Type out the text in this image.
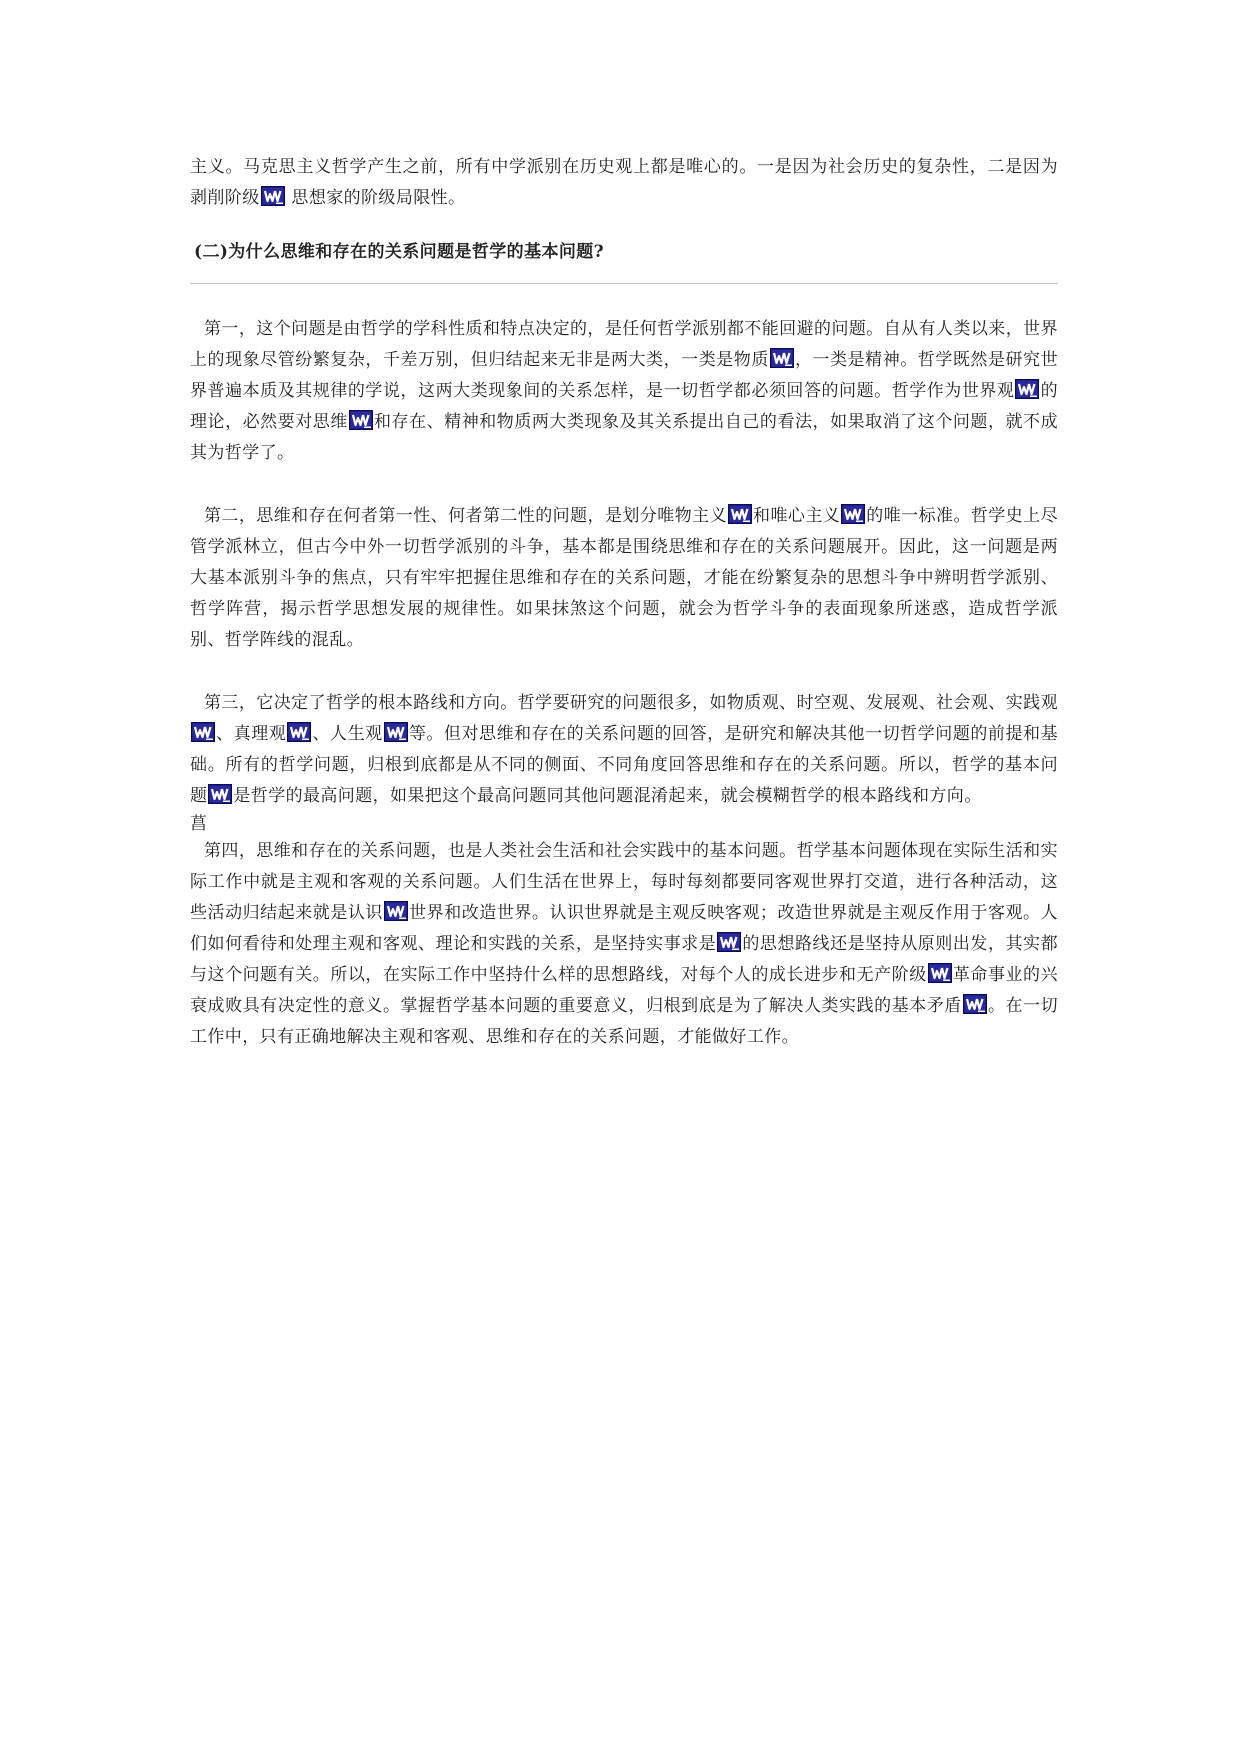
主义。马克思主义哲学产生之前，所有中学派别在历史观上都是唯心的。一是因为社会历史的复杂性，二是因为剥削阶级
思想家的阶级局限性。

(二)为什么思维和存在的关系问题是哲学的基本问题?

第一，这个问题是由哲学的学科性质和特点决定的，是任何哲学派别都不能回避的问题。自从有人类以来，世界上的现象尽管纷繁复杂，千差万别，但归结起来无非是两大类，一类是物质 ，一类是精神。哲学既然是研究世界普遍本质及其规律的学说，这两大类现象间的关系怎样，是一切哲学都必须回答的问题。哲学作为世界观 的理论，必然要对思维 和存在、精神和物质两大类现象及其关系提出自己的看法，如果取消了这个问题，就不成其为哲学了。

第二，思维和存在何者第一性、何者第二性的问题，是划分唯物主义 和唯心主义 的唯一标准。哲学史上尽管学派林立，但古今中外一切哲学派别的斗争，基本都是围绕思维和存在的关系问题展开。因此，这一问题是两大基本派别斗争的焦点，只有牢牢把握住思维和存在的关系问题，才能在纷繁复杂的思想斗争中辨明哲学派别、哲学阵营，揭示哲学思想发展的规律性。如果抹煞这个问题，就会为哲学斗争的表面现象所迷惑，造成哲学派别、哲学阵线的混乱。

第三，它决定了哲学的根本路线和方向。哲学要研究的问题很多，如物质观、时空观、发展观、社会观、实践观
、真理观 、人生观 等。但对思维和存在的关系问题的回答，是研究和解决其他一切哲学问题的前提和基础。所有的哲学问题，归根到底都是从不同的侧面、不同角度回答思维和存在的关系问题。所以，哲学的基本问题 是哲学的最高问题，如果把这个最高问题同其他问题混淆起来，就会模糊哲学的根本路线和方向。

菖

第四，思维和存在的关系问题，也是人类社会生活和社会实践中的基本问题。哲学基本问题体现在实际生活和实际工作中就是主观和客观的关系问题。人们生活在世界上，每时每刻都要同客观世界打交道，进行各种活动，这些活动归结起来就是认识 世界和改造世界。认识世界就是主观反映客观；改造世界就是主观反作用于客观。人们如何看待和处理主观和客观、理论和实践的关系，是坚持实事求是 的思想路线还是坚持从原则出发，其实都与这个问题有关。所以，在实际工作中坚持什么样的思想路线，对每个人的成长进步和无产阶级 革命事业的兴衰成败具有决定性的意义。掌握哲学基本问题的重要意义，归根到底是为了解决人类实践的基本矛盾 。在一切工作中，只有正确地解决主观和客观、思维和存在的关系问题，才能做好工作。
